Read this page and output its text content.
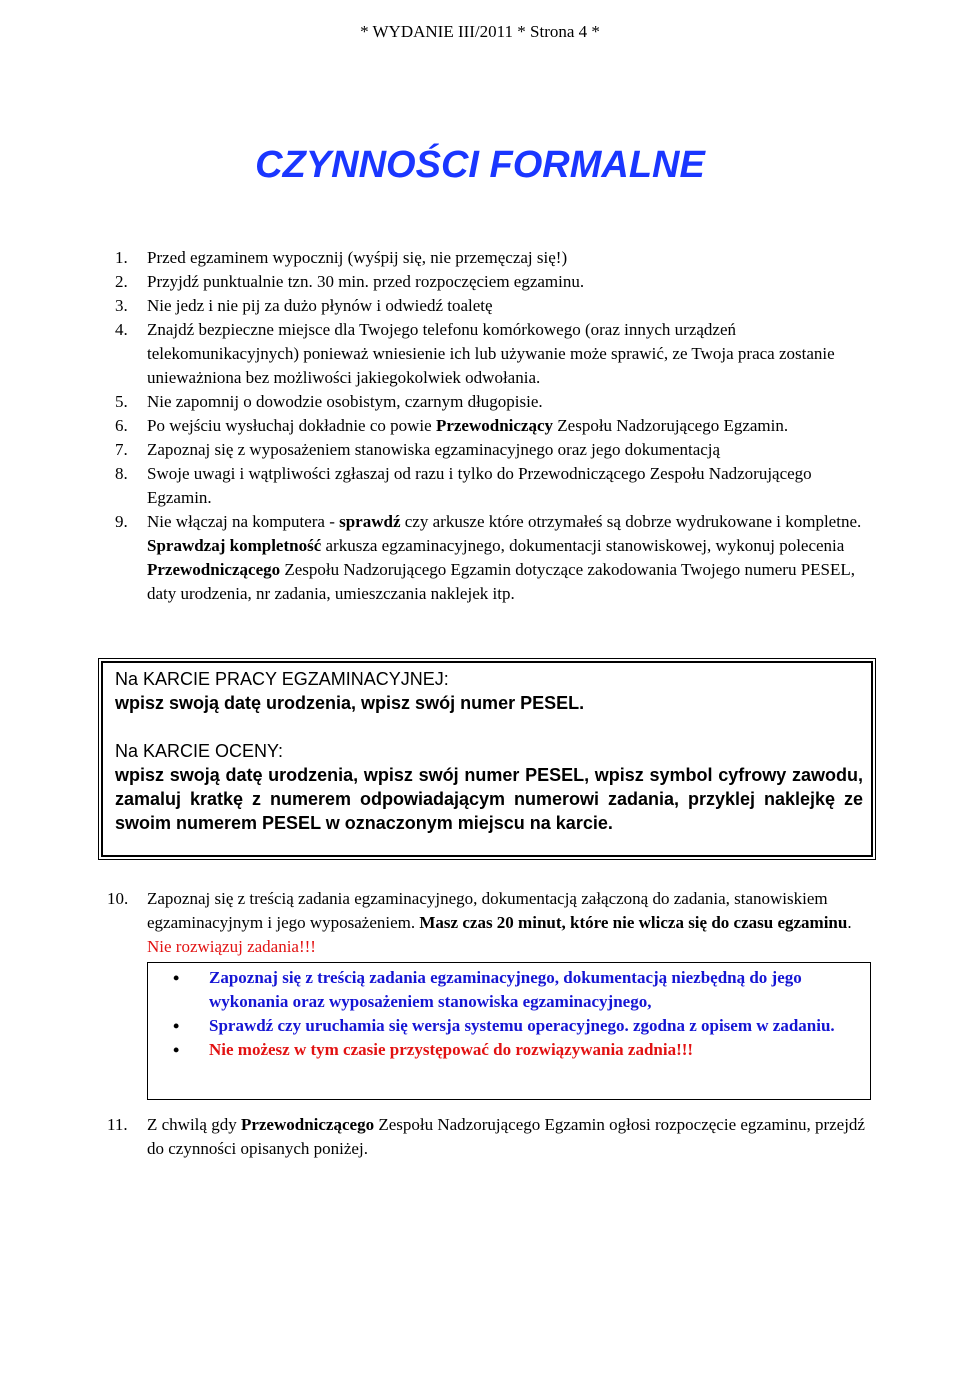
* WYDANIE III/2011 * Strona 4 *
CZYNNOŚCI FORMALNE
1. Przed egzaminem wypocznij (wyśpij się, nie przemęczaj się!)
2. Przyjdź punktualnie tzn. 30 min. przed rozpoczęciem egzaminu.
3. Nie jedz i nie pij za dużo płynów i odwiedź toaletę
4. Znajdź bezpieczne miejsce dla Twojego telefonu komórkowego (oraz innych urządzeń telekomunikacyjnych) ponieważ wniesienie ich lub używanie może sprawić, ze Twoja praca zostanie unieważniona bez możliwości jakiegokolwiek odwołania.
5. Nie zapomnij o dowodzie osobistym, czarnym długopisie.
6. Po wejściu wysłuchaj dokładnie co powie Przewodniczący Zespołu Nadzorującego Egzamin.
7. Zapoznaj się z wyposażeniem stanowiska egzaminacyjnego oraz jego dokumentacją
8. Swoje uwagi i wątpliwości zgłaszaj od razu i tylko do Przewodniczącego Zespołu Nadzorującego Egzamin.
9. Nie włączaj na komputera - sprawdź czy arkusze które otrzymałeś są dobrze wydrukowane i kompletne. Sprawdzaj kompletność arkusza egzaminacyjnego, dokumentacji stanowiskowej, wykonuj polecenia Przewodniczącego Zespołu Nadzorującego Egzamin dotyczące zakodowania Twojego numeru PESEL, daty urodzenia, nr zadania, umieszczania naklejek itp.
Na KARCIE PRACY EGZAMINACYJNEJ:
wpisz swoją datę urodzenia, wpisz swój numer PESEL.
Na KARCIE OCENY:
wpisz swoją datę urodzenia, wpisz swój numer PESEL, wpisz symbol cyfrowy zawodu, zamaluj kratkę z numerem odpowiadającym numerowi zadania, przyklej naklejkę ze swoim numerem PESEL w oznaczonym miejscu na karcie.
10. Zapoznaj się z treścią zadania egzaminacyjnego, dokumentacją załączoną do zadania, stanowiskiem egzaminacyjnym i jego wyposażeniem. Masz czas 20 minut, które nie wlicza się do czasu egzaminu. Nie rozwiązuj zadania!!!
• Zapoznaj się z treścią zadania egzaminacyjnego, dokumentacją niezbędną do jego wykonania oraz wyposażeniem stanowiska egzaminacyjnego,
• Sprawdź czy uruchamia się wersja systemu operacyjnego. zgodna z opisem w zadaniu.
• Nie możesz w tym czasie przystępować do rozwiązywania zadnia!!!
11. Z chwilą gdy Przewodniczącego Zespołu Nadzorującego Egzamin ogłosi rozpoczęcie egzaminu, przejdź do czynności opisanych poniżej.
